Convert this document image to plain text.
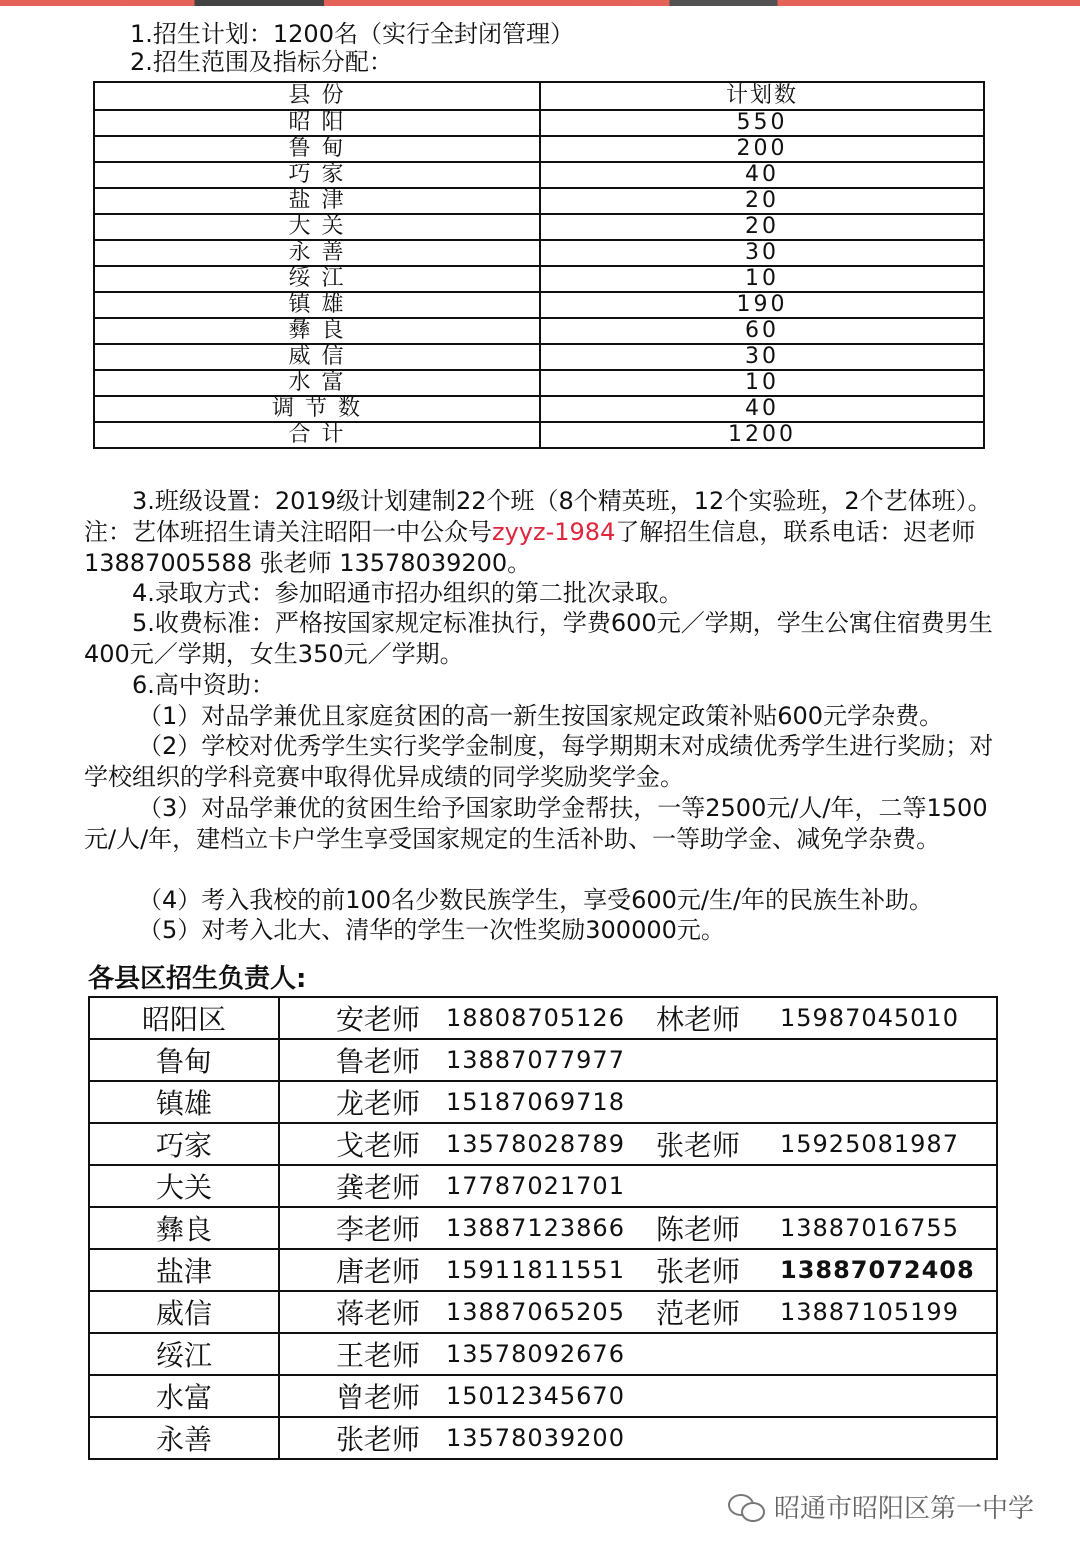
1.招生计划：1200名（实行全封闭管理）
2.招生范围及指标分配：
县 份	计划数
昭 阳	550
鲁 甸	200
巧 家	40
盐 津	20
大 关	20
永 善	30
绥 江	10
镇 雄	190
彝 良	60
威 信	30
水 富	10
调 节 数	40
合 计	1200
3.班级设置：2019级计划建制22个班（8个精英班，12个实验班，2个艺体班）。注：艺体班招生请关注昭阳一中公众号zyyz-1984了解招生信息，联系电话：迟老师 13887005588 张老师 13578039200。
4.录取方式：参加昭通市招办组织的第二批次录取。
5.收费标准：严格按国家规定标准执行，学费600元／学期，学生公寓住宿费男生400元／学期，女生350元／学期。
6.高中资助：
（1）对品学兼优且家庭贫困的高一新生按国家规定政策补贴600元学杂费。
（2）学校对优秀学生实行奖学金制度，每学期期末对成绩优秀学生进行奖励；对学校组织的学科竞赛中取得优异成绩的同学奖励奖学金。
（3）对品学兼优的贫困生给予国家助学金帮扶，一等2500元/人/年，二等1500元/人/年，建档立卡户学生享受国家规定的生活补助、一等助学金、减免学杂费。
（4）考入我校的前100名少数民族学生，享受600元/生/年的民族生补助。
（5）对考入北大、清华的学生一次性奖励300000元。
各县区招生负责人:
昭阳区	安老师 18808705126 林老师 15987045010

鲁甸	鲁老师 13887077977

镇雄	龙老师 15187069718

巧家	戈老师 13578028789 张老师 15925081987

大关	龚老师 17787021701

彝良	李老师 13887123866 陈老师 13887016755

盐津	唐老师 15911811551 张老师 13887072408

威信	蒋老师 13887065205 范老师 13887105199

绥江	王老师 13578092676

水富	曾老师 15012345670

永善	张老师 13578039200
昭通市昭阳区第一中学
